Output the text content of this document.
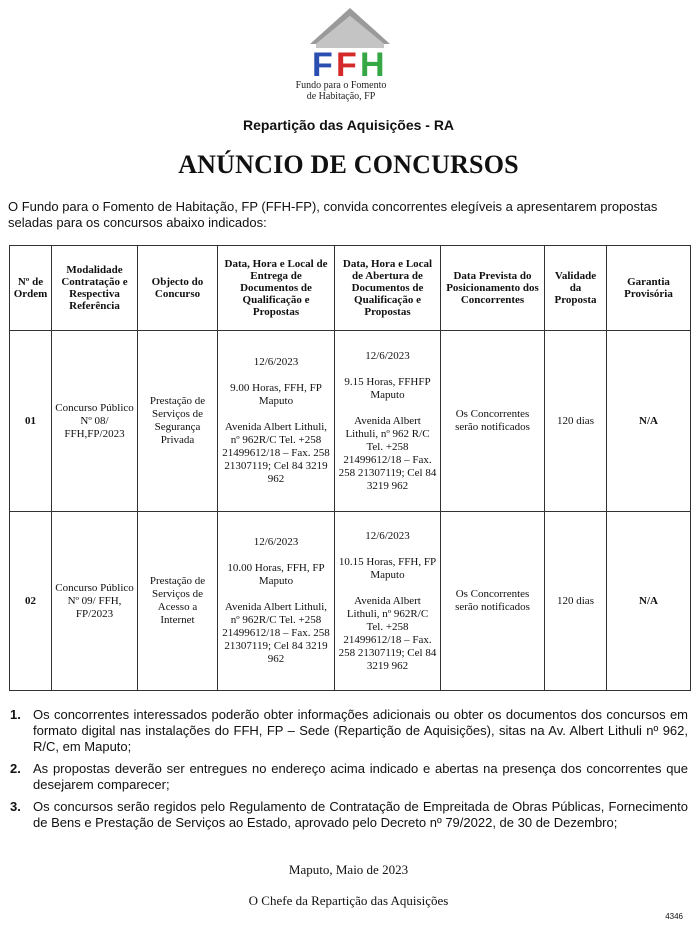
F F H
Fundo para o Fomento
de Habitação, FP
Repartição das Aquisições - RA
ANÚNCIO DE CONCURSOS
O Fundo para o Fomento de Habitação, FP (FFH-FP), convida concorrentes elegíveis a apresentarem propostas seladas para os concursos abaixo indicados:
Nº de Ordem	Modalidade Contratação e Respectiva Referência	Objecto do Concurso	Data, Hora e Local de Entrega de Documentos de Qualificação e Propostas	Data, Hora e Local de Abertura de Documentos de Qualificação e Propostas	Data Prevista do Posicionamento dos Concorrentes	Validade da Proposta	Garantia Provisória
01	Concurso Público Nº 08/ FFH,FP/2023	Prestação de Serviços de Segurança Privada	12/6/2023
9.00 Horas, FFH, FP Maputo
Avenida Albert Lithuli, nº 962R/C Tel. +258 21499612/18 – Fax. 258 21307119; Cel 84 3219 962	12/6/2023
9.15 Horas, FFHFP Maputo
Avenida Albert Lithuli, nº 962 R/C Tel. +258 21499612/18 – Fax. 258 21307119; Cel 84 3219 962	Os Concorrentes serão notificados	120 dias	N/A
02	Concurso Público Nº 09/ FFH, FP/2023	Prestação de Serviços de Acesso a Internet	12/6/2023
10.00 Horas, FFH, FP Maputo
Avenida Albert Lithuli, nº 962R/C Tel. +258 21499612/18 – Fax. 258 21307119; Cel 84 3219 962	12/6/2023
10.15 Horas, FFH, FP Maputo
Avenida Albert Lithuli, nº 962R/C Tel. +258 21499612/18 – Fax. 258 21307119; Cel 84 3219 962	Os Concorrentes serão notificados	120 dias	N/A
1. Os concorrentes interessados poderão obter informações adicionais ou obter os documentos dos concursos em formato digital nas instalações do FFH, FP – Sede (Repartição de Aquisições), sitas na Av. Albert Lithuli nº 962, R/C, em Maputo;
2. As propostas deverão ser entregues no endereço acima indicado e abertas na presença dos concorrentes que desejarem comparecer;
3. Os concursos serão regidos pelo Regulamento de Contratação de Empreitada de Obras Públicas, Fornecimento de Bens e Prestação de Serviços ao Estado, aprovado pelo Decreto nº 79/2022, de 30 de Dezembro;
Maputo, Maio de 2023
O Chefe da Repartição das Aquisições
4346
